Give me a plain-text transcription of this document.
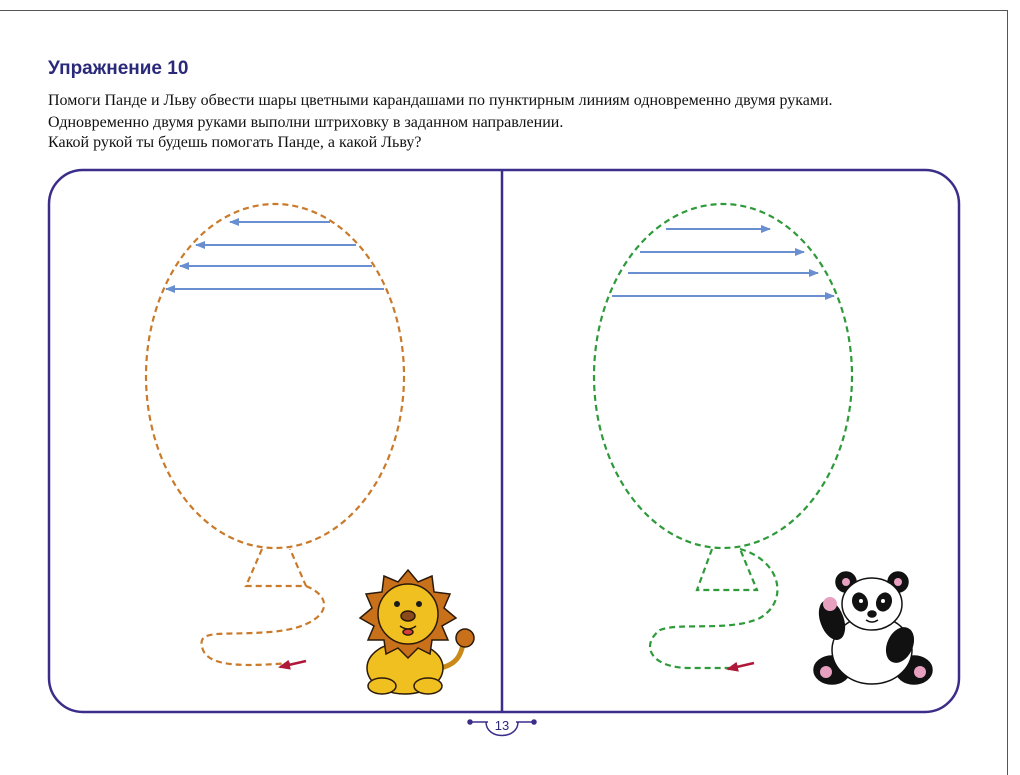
Упражнение 10
Помоги Панде и Льву обвести шары цветными карандашами по пунктирным линиям одновременно двумя руками.
Одновременно двумя руками выполни штриховку в заданном направлении.
Какой рукой ты будешь помогать Панде, а какой Льву?
13
